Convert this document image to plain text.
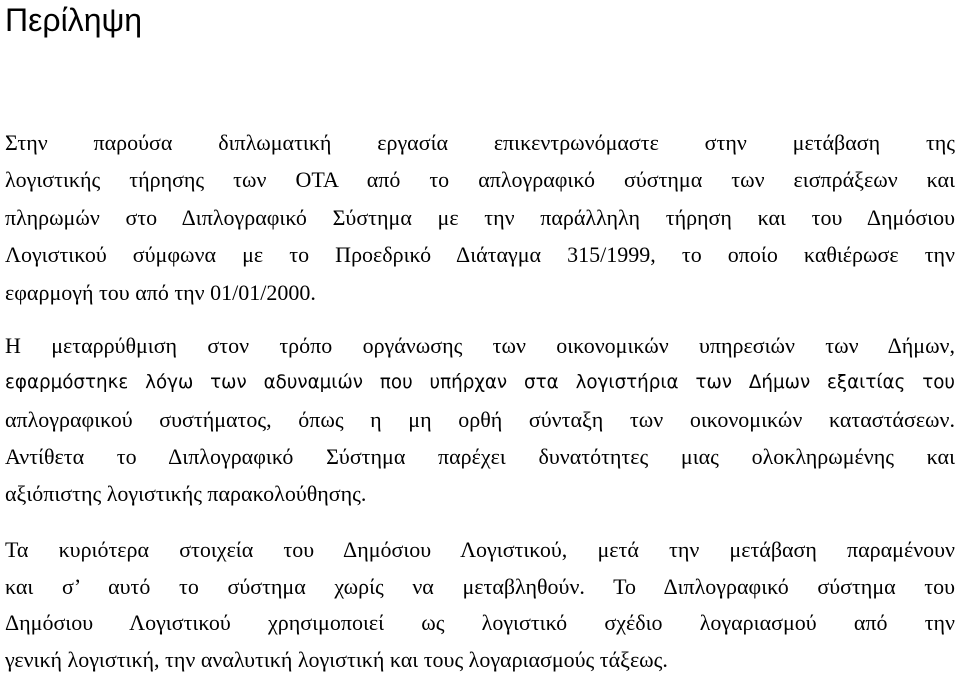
Περίληψη
Στην παρούσα διπλωματική εργασία επικεντρωνόμαστε στην μετάβαση της
λογιστικής τήρησης των ΟΤΑ από το απλογραφικό σύστημα των εισπράξεων και
πληρωμών στο Διπλογραφικό Σύστημα με την παράλληλη τήρηση και του Δημόσιου
Λογιστικού σύμφωνα με το Προεδρικό Διάταγμα 315/1999, το οποίο καθιέρωσε την
εφαρμογή του από την 01/01/2000.
Η μεταρρύθμιση στον τρόπο οργάνωσης των οικονομικών υπηρεσιών των Δήμων,
εφαρμόστηκε λόγω των αδυναμιών που υπήρχαν στα λογιστήρια των Δήμων εξαιτίας του
απλογραφικού συστήματος, όπως η μη ορθή σύνταξη των οικονομικών καταστάσεων.
Αντίθετα το Διπλογραφικό Σύστημα παρέχει δυνατότητες μιας ολοκληρωμένης και
αξιόπιστης λογιστικής παρακολούθησης.
Τα κυριότερα στοιχεία του Δημόσιου Λογιστικού, μετά την μετάβαση παραμένουν
και σ’ αυτό το σύστημα χωρίς να μεταβληθούν. Το Διπλογραφικό σύστημα του
Δημόσιου Λογιστικού χρησιμοποιεί ως λογιστικό σχέδιο λογαριασμού από την
γενική λογιστική, την αναλυτική λογιστική και τους λογαριασμούς τάξεως.
